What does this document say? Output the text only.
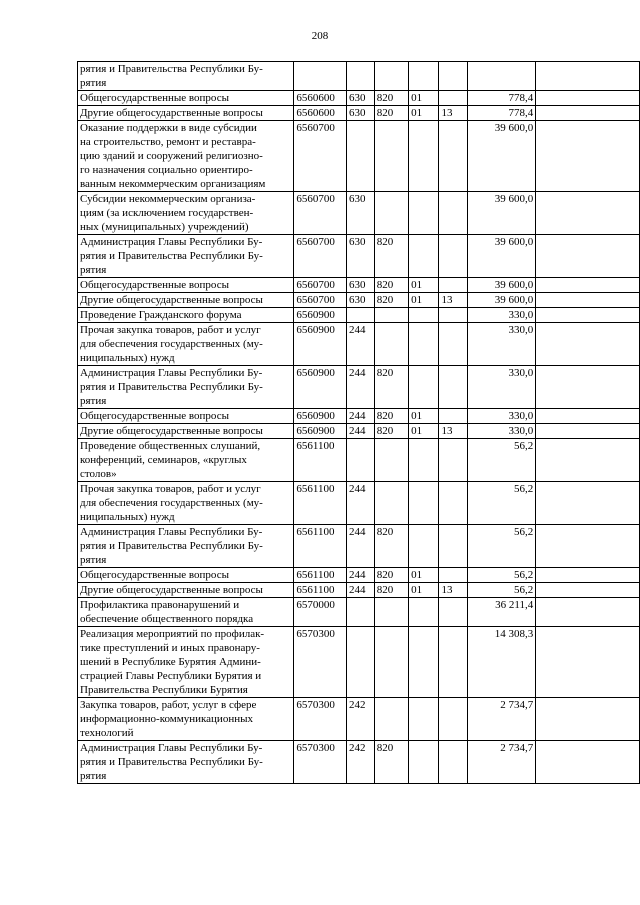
208
рятия и Правительства Республики Бу-
рятия							
Общегосударственные вопросы	6560600	630	820	01		778,4	
Другие общегосударственные вопросы	6560600	630	820	01	13	778,4	
Оказание поддержки в виде субсидии
на строительство, ремонт и реставра-
цию зданий и сооружений религиозно-
го назначения социально ориентиро-
ванным некоммерческим организациям	6560700					39 600,0	
Субсидии некоммерческим организа-
циям (за исключением государствен-
ных (муниципальных) учреждений)	6560700	630				39 600,0	
Администрация Главы Республики Бу-
рятия и Правительства Республики Бу-
рятия	6560700	630	820			39 600,0	
Общегосударственные вопросы	6560700	630	820	01		39 600,0	
Другие общегосударственные вопросы	6560700	630	820	01	13	39 600,0	
Проведение Гражданского форума	6560900					330,0	
Прочая закупка товаров, работ и услуг
для обеспечения государственных (му-
ниципальных) нужд	6560900	244				330,0	
Администрация Главы Республики Бу-
рятия и Правительства Республики Бу-
рятия	6560900	244	820			330,0	
Общегосударственные вопросы	6560900	244	820	01		330,0	
Другие общегосударственные вопросы	6560900	244	820	01	13	330,0	
Проведение общественных слушаний,
конференций, семинаров, «круглых
столов»	6561100					56,2	
Прочая закупка товаров, работ и услуг
для обеспечения государственных (му-
ниципальных) нужд	6561100	244				56,2	
Администрация Главы Республики Бу-
рятия и Правительства Республики Бу-
рятия	6561100	244	820			56,2	
Общегосударственные вопросы	6561100	244	820	01		56,2	
Другие общегосударственные вопросы	6561100	244	820	01	13	56,2	
Профилактика правонарушений и
обеспечение общественного порядка	6570000					36 211,4	
Реализация мероприятий по профилак-
тике преступлений и иных правонару-
шений в Республике Бурятия Админи-
страцией Главы Республики Бурятия и
Правительства Республики Бурятия	6570300					14 308,3	
Закупка товаров, работ, услуг в сфере
информационно-коммуникационных
технологий	6570300	242				2 734,7	
Администрация Главы Республики Бу-
рятия и Правительства Республики Бу-
рятия	6570300	242	820			2 734,7	
